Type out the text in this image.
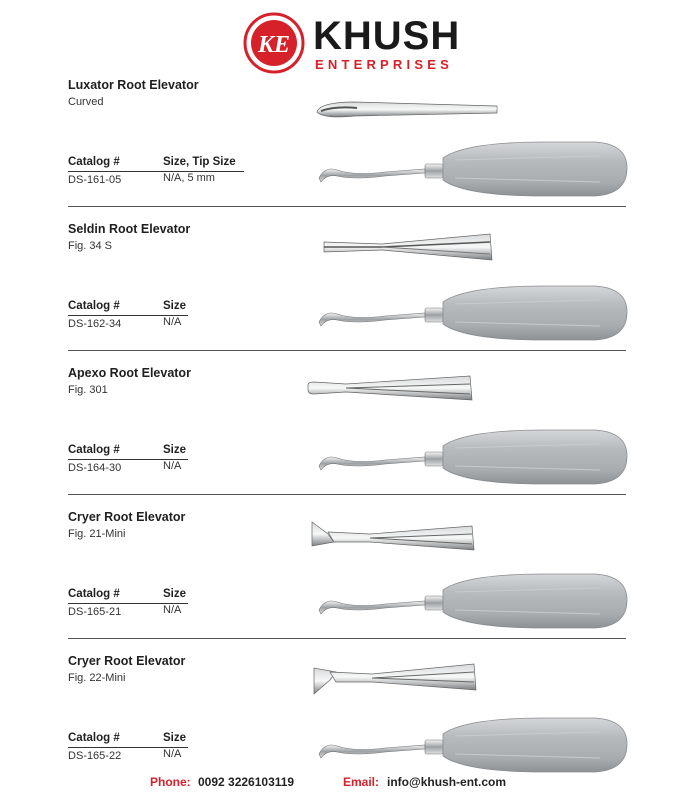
KE KHUSH
ENTERPRISES
Luxator Root Elevator
Curved
Catalog #	Size, Tip Size
DS-161-05	N/A, 5 mm
Seldin Root Elevator
Fig. 34 S
Catalog #	Size
DS-162-34	N/A
Apexo Root Elevator
Fig. 301
Catalog #	Size
DS-164-30	N/A
Cryer Root Elevator
Fig. 21-Mini
Catalog #	Size
DS-165-21	N/A
Cryer Root Elevator
Fig. 22-Mini
Catalog #	Size
DS-165-22	N/A
Phone: 0092 3226103119	Email: info@khush-ent.com
